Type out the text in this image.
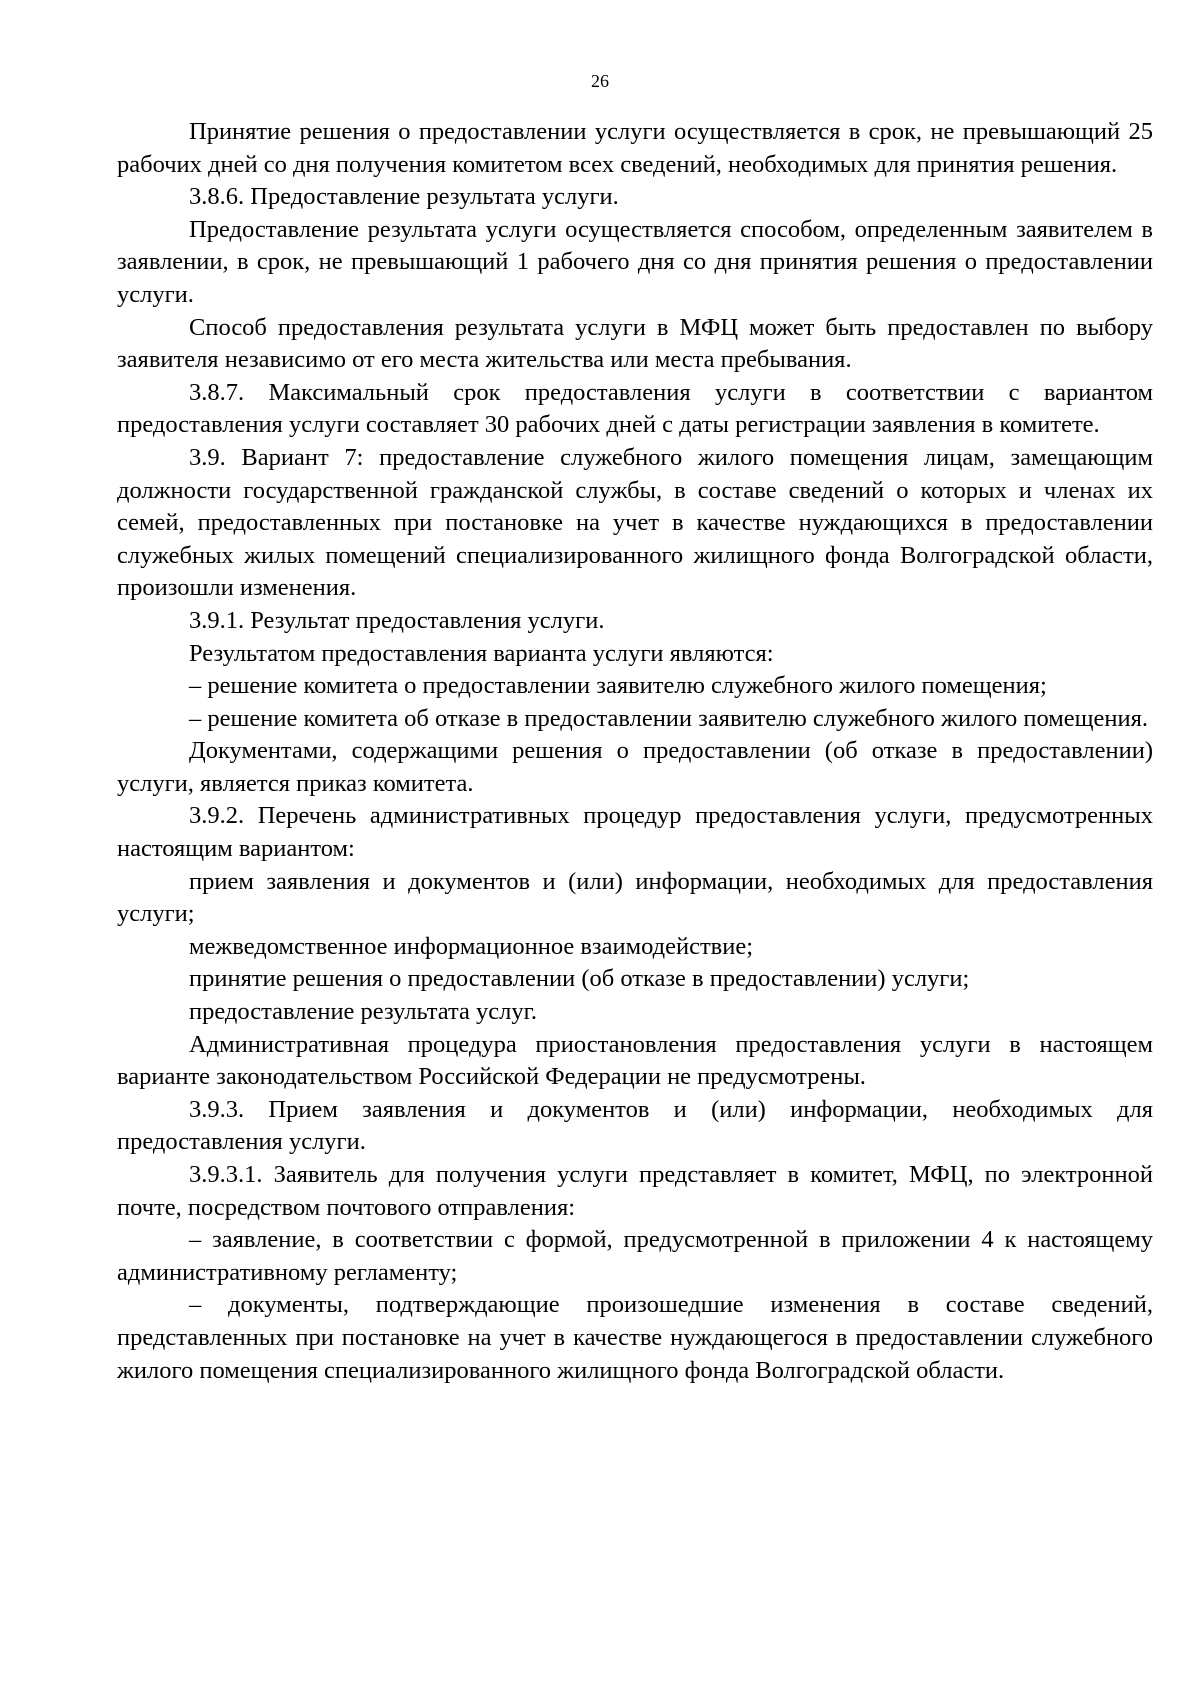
26

Принятие решения о предоставлении услуги осуществляется в срок, не превышающий 25 рабочих дней со дня получения комитетом всех сведений, необходимых для принятия решения.

3.8.6. Предоставление результата услуги.

Предоставление результата услуги осуществляется способом, определенным заявителем в заявлении, в срок, не превышающий 1 рабочего дня со дня принятия решения о предоставлении услуги.

Способ предоставления результата услуги в МФЦ может быть предоставлен по выбору заявителя независимо от его места жительства или места пребывания.

3.8.7. Максимальный срок предоставления услуги в соответствии с вариантом предоставления услуги составляет 30 рабочих дней с даты регистрации заявления в комитете.

3.9. Вариант 7: предоставление служебного жилого помещения лицам, замещающим должности государственной гражданской службы, в составе сведений о которых и членах их семей, предоставленных при постановке на учет в качестве нуждающихся в предоставлении служебных жилых помещений специализированного жилищного фонда Волгоградской области, произошли изменения.

3.9.1. Результат предоставления услуги.

Результатом предоставления варианта услуги являются:

– решение комитета о предоставлении заявителю служебного жилого помещения;

– решение комитета об отказе в предоставлении заявителю служебного жилого помещения.

Документами, содержащими решения о предоставлении (об отказе в предоставлении) услуги, является приказ комитета.

3.9.2. Перечень административных процедур предоставления услуги, предусмотренных настоящим вариантом:

прием заявления и документов и (или) информации, необходимых для предоставления услуги;

межведомственное информационное взаимодействие;

принятие решения о предоставлении (об отказе в предоставлении) услуги;

предоставление результата услуг.

Административная процедура приостановления предоставления услуги в настоящем варианте законодательством Российской Федерации не предусмотрены.

3.9.3. Прием заявления и документов и (или) информации, необходимых для предоставления услуги.

3.9.3.1. Заявитель для получения услуги представляет в комитет, МФЦ, по электронной почте, посредством почтового отправления:

– заявление, в соответствии с формой, предусмотренной в приложении 4 к настоящему административному регламенту;

– документы, подтверждающие произошедшие изменения в составе сведений, представленных при постановке на учет в качестве нуждающегося в предоставлении служебного жилого помещения специализированного жилищного фонда Волгоградской области.
